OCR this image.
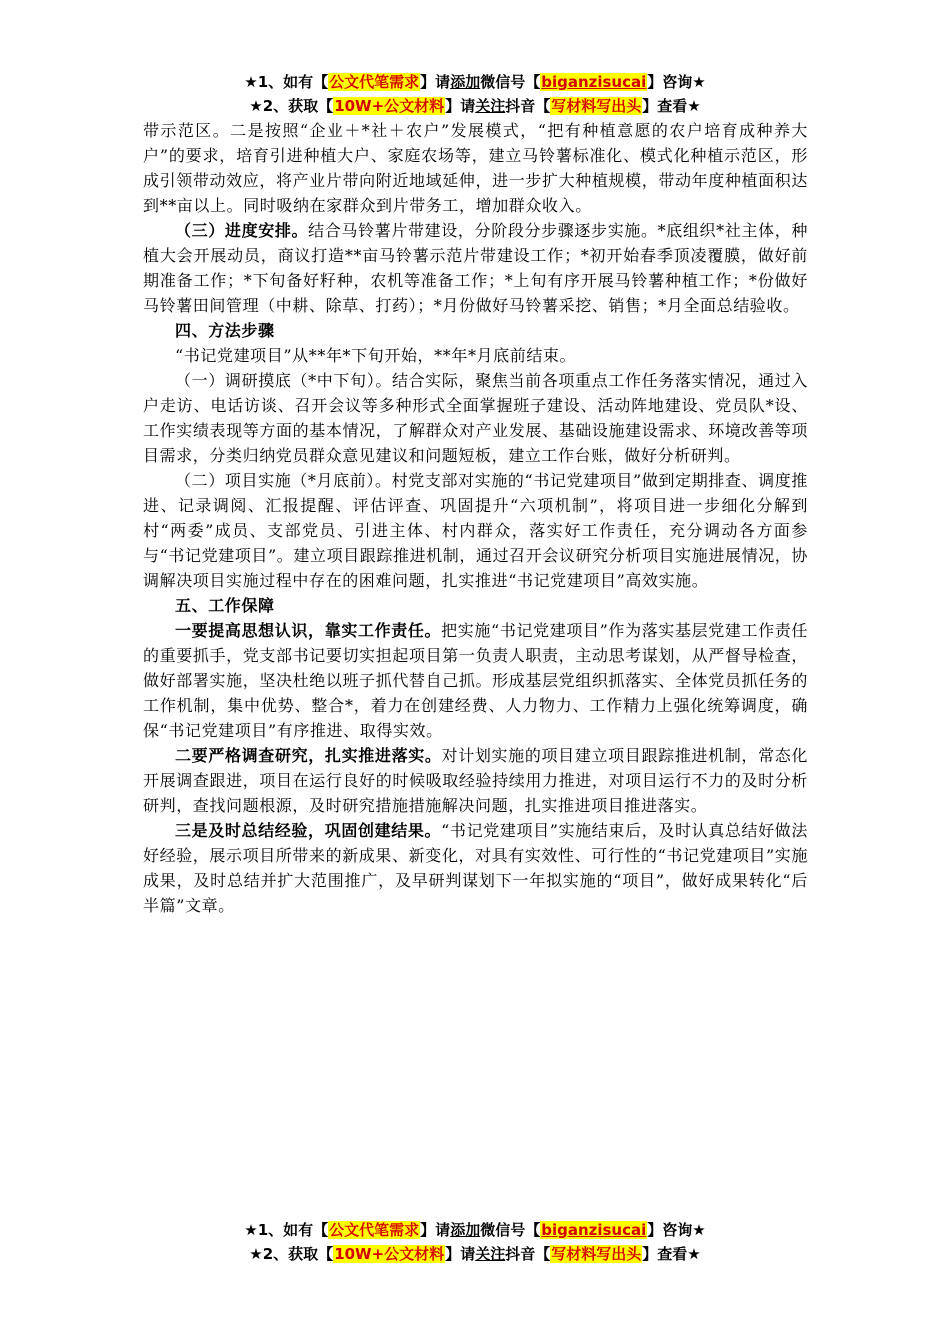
★1、如有【公文代笔需求】请添加微信号【biganzisucai】咨询★
★2、获取【10W+公文材料】请关注抖音【写材料写出头】查看★

带示范区。二是按照“企业＋*社＋农户”发展模式，“把有种植意愿的农户培育成种养大户”的要求，培育引进种植大户、家庭农场等，建立马铃薯标准化、模式化种植示范区，形成引领带动效应，将产业片带向附近地域延伸，进一步扩大种植规模，带动年度种植面积达到**亩以上。同时吸纳在家群众到片带务工，增加群众收入。

（三）进度安排。结合马铃薯片带建设，分阶段分步骤逐步实施。*底组织*社主体，种植大会开展动员，商议打造**亩马铃薯示范片带建设工作；*初开始春季顶凌覆膜，做好前期准备工作；*下旬备好籽种，农机等准备工作；*上旬有序开展马铃薯种植工作；*份做好马铃薯田间管理（中耕、除草、打药）；*月份做好马铃薯采挖、销售；*月全面总结验收。

四、方法步骤

“书记党建项目”从**年*下旬开始，**年*月底前结束。

（一）调研摸底（*中下旬）。结合实际，聚焦当前各项重点工作任务落实情况，通过入户走访、电话访谈、召开会议等多种形式全面掌握班子建设、活动阵地建设、党员队*设、工作实绩表现等方面的基本情况，了解群众对产业发展、基础设施建设需求、环境改善等项目需求，分类归纳党员群众意见建议和问题短板，建立工作台账，做好分析研判。

（二）项目实施（*月底前）。村党支部对实施的“书记党建项目”做到定期排查、调度推进、记录调阅、汇报提醒、评估评查、巩固提升“六项机制”，将项目进一步细化分解到村“两委”成员、支部党员、引进主体、村内群众，落实好工作责任，充分调动各方面参与“书记党建项目”。建立项目跟踪推进机制，通过召开会议研究分析项目实施进展情况，协调解决项目实施过程中存在的困难问题，扎实推进“书记党建项目”高效实施。

五、工作保障

一要提高思想认识，靠实工作责任。把实施“书记党建项目”作为落实基层党建工作责任的重要抓手，党支部书记要切实担起项目第一负责人职责，主动思考谋划，从严督导检查，做好部署实施，坚决杜绝以班子抓代替自己抓。形成基层党组织抓落实、全体党员抓任务的工作机制，集中优势、整合*，着力在创建经费、人力物力、工作精力上强化统筹调度，确保“书记党建项目”有序推进、取得实效。

二要严格调查研究，扎实推进落实。对计划实施的项目建立项目跟踪推进机制，常态化开展调查跟进，项目在运行良好的时候吸取经验持续用力推进，对项目运行不力的及时分析研判，查找问题根源，及时研究措施措施解决问题，扎实推进项目推进落实。

三是及时总结经验，巩固创建结果。“书记党建项目”实施结束后，及时认真总结好做法好经验，展示项目所带来的新成果、新变化，对具有实效性、可行性的“书记党建项目”实施成果，及时总结并扩大范围推广，及早研判谋划下一年拟实施的“项目”，做好成果转化“后半篇”文章。

★1、如有【公文代笔需求】请添加微信号【biganzisucai】咨询★
★2、获取【10W+公文材料】请关注抖音【写材料写出头】查看★
